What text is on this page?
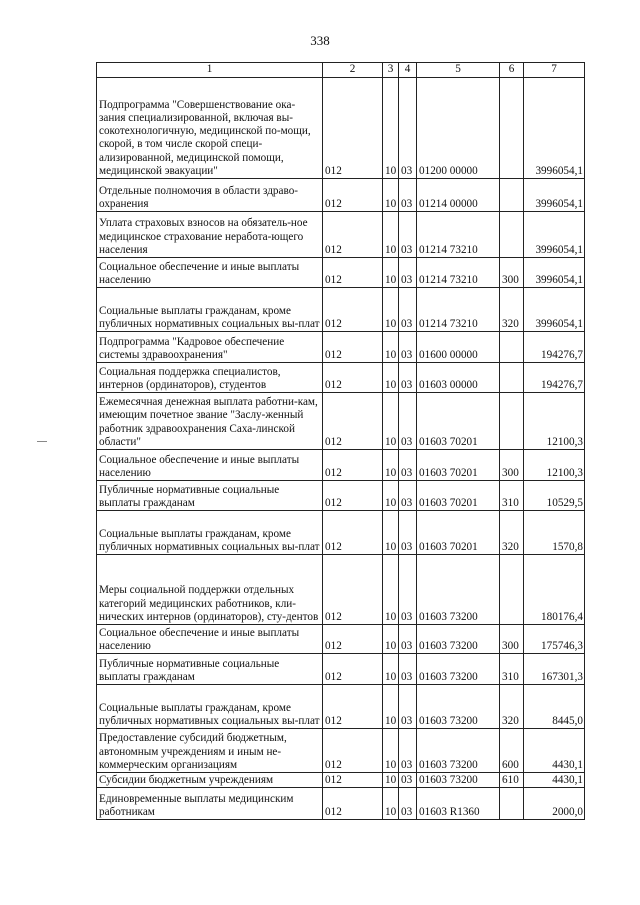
338
1	2	3	4	5	6	7
Подпрограмма "Совершенствование ока-зания специализированной, включая вы-сокотехнологичную, медицинской по-мощи, скорой, в том числе скорой специ-ализированной, медицинской помощи, медицинской эвакуации"	012	10	03	01200 00000		3996054,1
Отдельные полномочия в области здраво-охранения	012	10	03	01214 00000		3996054,1
Уплата страховых взносов на обязатель-ное медицинское страхование неработа-ющего населения	012	10	03	01214 73210		3996054,1
Социальное обеспечение и иные выплаты населению	012	10	03	01214 73210	300	3996054,1
Социальные выплаты гражданам, кроме публичных нормативных социальных вы-плат	012	10	03	01214 73210	320	3996054,1
Подпрограмма "Кадровое обеспечение системы здравоохранения"	012	10	03	01600 00000		194276,7
Социальная поддержка специалистов, интернов (ординаторов), студентов	012	10	03	01603 00000		194276,7
Ежемесячная денежная выплата работни-кам, имеющим почетное звание "Заслу-женный работник здравоохранения Саха-линской области"	012	10	03	01603 70201		12100,3
Социальное обеспечение и иные выплаты населению	012	10	03	01603 70201	300	12100,3
Публичные нормативные социальные выплаты гражданам	012	10	03	01603 70201	310	10529,5
Социальные выплаты гражданам, кроме публичных нормативных социальных вы-плат	012	10	03	01603 70201	320	1570,8
Меры социальной поддержки отдельных категорий медицинских работников, кли-нических интернов (ординаторов), сту-дентов	012	10	03	01603 73200		180176,4
Социальное обеспечение и иные выплаты населению	012	10	03	01603 73200	300	175746,3
Публичные нормативные социальные выплаты гражданам	012	10	03	01603 73200	310	167301,3
Социальные выплаты гражданам, кроме публичных нормативных социальных вы-плат	012	10	03	01603 73200	320	8445,0
Предоставление субсидий бюджетным, автономным учреждениям и иным не-коммерческим организациям	012	10	03	01603 73200	600	4430,1
Субсидии бюджетным учреждениям	012	10	03	01603 73200	610	4430,1
Единовременные выплаты медицинским работникам	012	10	03	01603 R1360		2000,0
